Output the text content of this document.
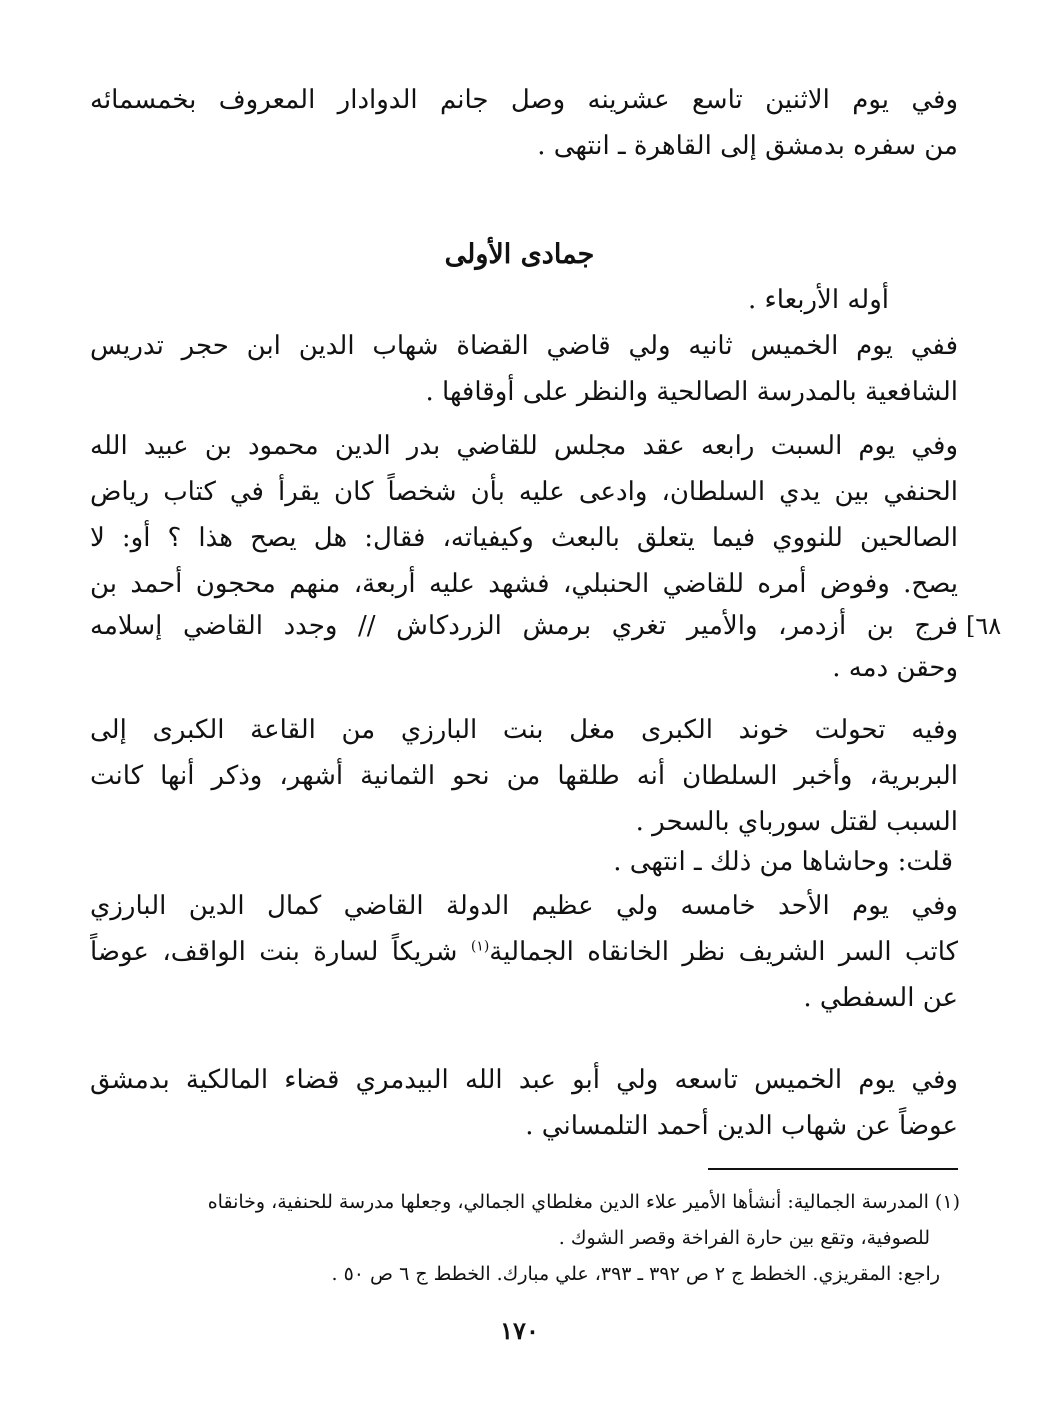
وفي يوم الاثنين تاسع عشرينه وصل جانم الدوادار المعروف بخمسمائه
من سفره بدمشق إلى القاهرة ـ انتهى .
جمادى الأولى
أوله الأربعاء .
ففي يوم الخميس ثانيه ولي قاضي القضاة شهاب الدين ابن حجر تدريس
الشافعية بالمدرسة الصالحية والنظر على أوقافها .
وفي يوم السبت رابعه عقد مجلس للقاضي بدر الدين محمود بن عبيد الله
الحنفي بين يدي السلطان، وادعى عليه بأن شخصاً كان يقرأ في كتاب رياض
الصالحين للنووي فيما يتعلق بالبعث وكيفياته، فقال: هل يصح هذا ؟ أو: لا
يصح. وفوض أمره للقاضي الحنبلي، فشهد عليه أربعة، منهم محجون أحمد بن
فرج بن أزدمر، والأمير تغري برمش الزردكاش // وجدد القاضي إسلامه ٦٨]
وحقن دمه .
وفيه تحولت خوند الكبرى مغل بنت البارزي من القاعة الكبرى إلى
البربرية، وأخبر السلطان أنه طلقها من نحو الثمانية أشهر، وذكر أنها كانت
السبب لقتل سورباي بالسحر .
قلت: وحاشاها من ذلك ـ انتهى .
وفي يوم الأحد خامسه ولي عظيم الدولة القاضي كمال الدين البارزي
كاتب السر الشريف نظر الخانقاه الجمالية$^{(١)}$ شريكاً لسارة بنت الواقف، عوضاً
عن السفطي .
وفي يوم الخميس تاسعه ولي أبو عبد الله البيدمري قضاء المالكية بدمشق
عوضاً عن شهاب الدين أحمد التلمساني .
(١) المدرسة الجمالية: أنشأها الأمير علاء الدين مغلطاي الجمالي، وجعلها مدرسة للحنفية، وخانقاه
للصوفية، وتقع بين حارة الفراخة وقصر الشوك .
راجع: المقريزي. الخطط ج ٢ ص ٣٩٢ ـ ٣٩٣، علي مبارك. الخطط ج ٦ ص ٥٠ .
١٧٠
